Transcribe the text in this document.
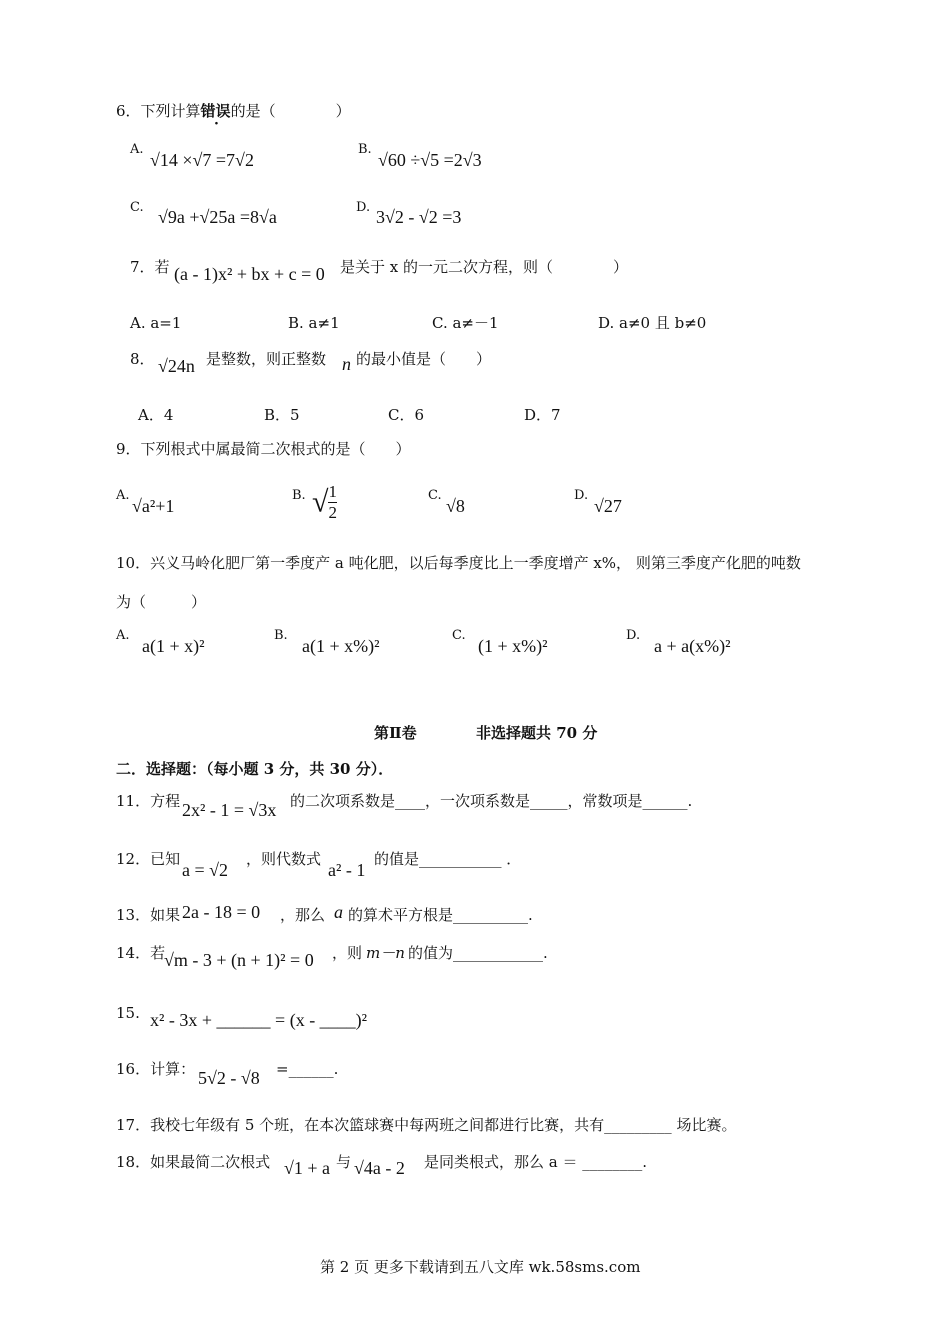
6．下列计算错误的是（　　　　）
A.
√14 ×√7 =7√2
B.
√60 ÷√5 =2√3
C. √9a +√25a =8√a	D. 3√2 - √2 =3
7．若 (a - 1)x² + bx + c = 0 是关于 x 的一元二次方程，则（　　　　）
A. a=1	B. a≠1	C. a≠－1	D. a≠0 且 b≠0
8． √24n 是整数，则正整数 n 的最小值是（　　）
A．4	B．5	C．6	D．7
9．下列根式中属最简二次根式的是（　　）
A.
√a²+1
B. √ $\frac{1}{2}$	C.
√8
D.
√27
10．兴义马岭化肥厂第一季度产 a 吨化肥，以后每季度比上一季度增产 x%， 则第三季度产化肥的吨数
为（　　　）
A.
a(1 + x)²
B.
a(1 + x%)²
C.
(1 + x%)²
D.
a + a(x%)²
第Ⅱ卷	非选择题共 70 分
二．选择题：（每小题 3 分，共 30 分）．
11．方程 2x² - 1 = √3x 的二次项系数是____，一次项系数是_____，常数项是______.
12．已知
a = √2
，则代数式
a² - 1
的值是___________ ．
13．如果 2a - 18 = 0 ，那么 a 的算术平方根是__________.
14．若
√m - 3 + (n + 1)² = 0 ，则 m－n 的值为____________.
15. x² - 3x + ______ = (x - ____)²
16．计算： 5√2 - √8 =______.
17．我校七年级有 5 个班，在本次篮球赛中每两班之间都进行比赛，共有_________ 场比赛。
18．如果最简二次根式 √1 + a 与 √4a - 2 是同类根式，那么 a ＝ ________.
第 2 页 更多下载请到五八文库 wk.58sms.com
